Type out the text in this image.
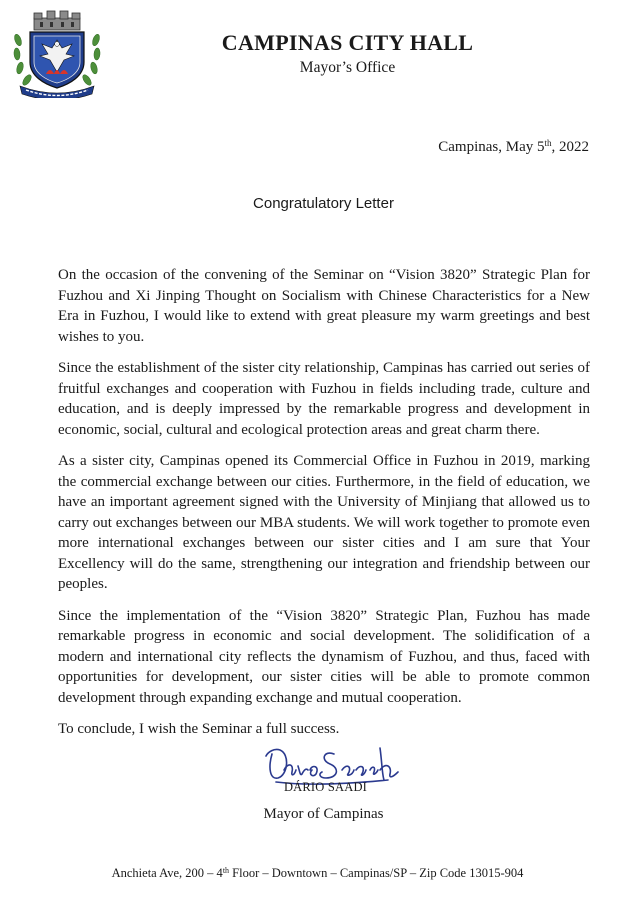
CAMPINAS CITY HALL
Mayor’s Office
Campinas, May 5th, 2022
Congratulatory Letter

On the occasion of the convening of the Seminar on “Vision 3820” Strategic Plan for Fuzhou and Xi Jinping Thought on Socialism with Chinese Characteristics for a New Era in Fuzhou, I would like to extend with great pleasure my warm greetings and best wishes to you.

Since the establishment of the sister city relationship, Campinas has carried out series of fruitful exchanges and cooperation with Fuzhou in fields including trade, culture and education, and is deeply impressed by the remarkable progress and development in economic, social, cultural and ecological protection areas and great charm there.

As a sister city, Campinas opened its Commercial Office in Fuzhou in 2019, marking the commercial exchange between our cities. Furthermore, in the field of education, we have an important agreement signed with the University of Minjiang that allowed us to carry out exchanges between our MBA students. We will work together to promote even more international exchanges between our sister cities and I am sure that Your Excellency will do the same, strengthening our integration and friendship between our peoples.

Since the implementation of the “Vision 3820” Strategic Plan, Fuzhou has made remarkable progress in economic and social development. The solidification of a modern and international city reflects the dynamism of Fuzhou, and thus, faced with opportunities for development, our sister cities will be able to promote common development through expanding exchange and mutual cooperation.

To conclude, I wish the Seminar a full success.

DÁRIO SAADI
Mayor of Campinas
Anchieta Ave, 200 – 4th Floor – Downtown – Campinas/SP – Zip Code 13015-904
